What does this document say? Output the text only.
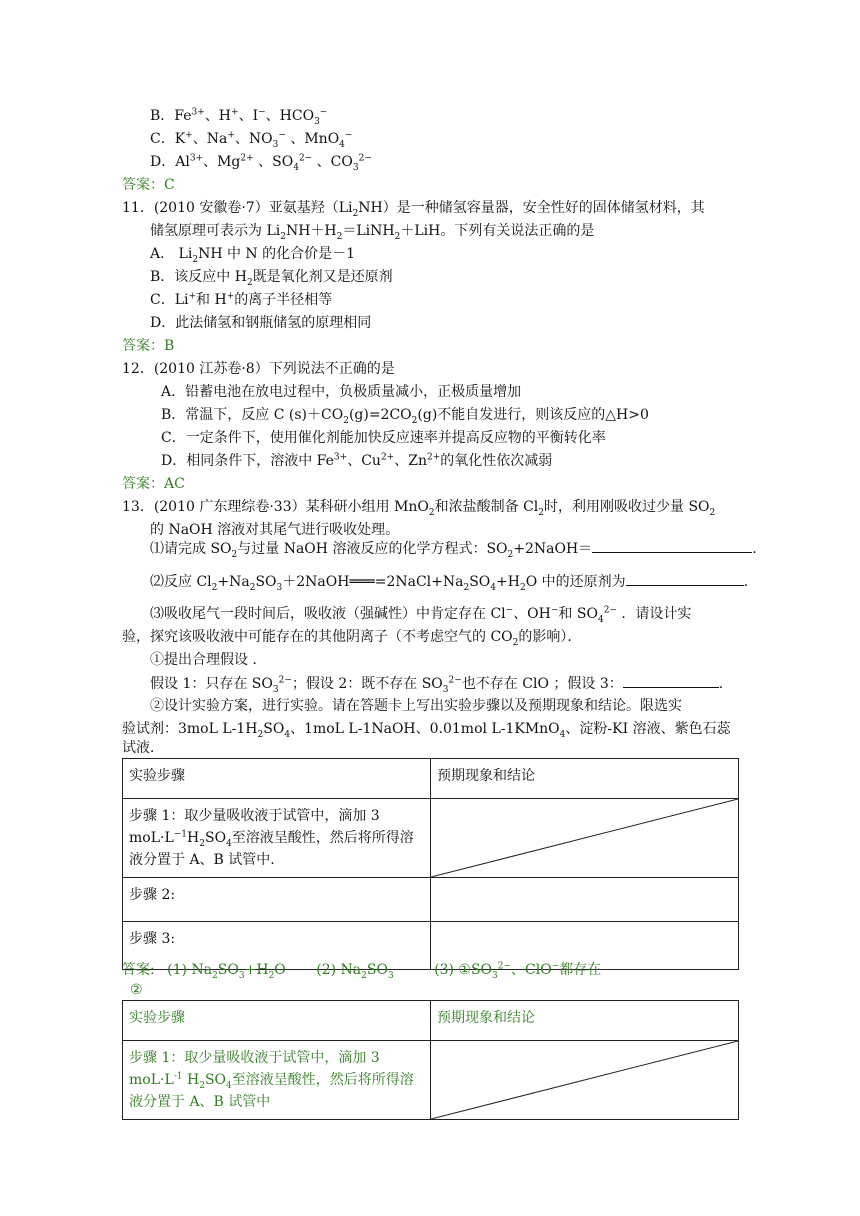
B．$Fe^{3+}$、H+、I−、$HCO_3^-$
C．K+、Na+、$NO_3^-$ 、MnO$_4$−
D．$Al^{3+}$、$Mg^{2+}$ 、$SO_4^{2-}$ 、$CO_3^{2-}$
答案：C
11．(2010 安徽卷·7）亚氨基羟$(Li_2NH)$是一种储氢容量器，安全性好的固体储氢材料，其
储氢原理可表示为 $Li_2NH+H_2=LiNH_2+LiH$。下列有关说法正确的是
A． $Li_2NH$ 中 N 的化合价是－1
B．该反应中 $H_2$既是氧化剂又是还原剂
C．Li+和 H+的离子半径相等
D．此法储氢和钢瓶储氢的原理相同
答案：B
12．(2010 江苏卷·8）下列说法不正确的是
A．铅蓄电池在放电过程中，负极质量减小，正极质量增加
B．常温下，反应 C $(s)+CO_2(g)=2CO_2(g)$不能自发进行，则该反应的△H>0
C．一定条件下，使用催化剂能加快反应速率并提高反应物的平衡转化率
D．相同条件下，溶液中 $Fe^{3+}$、$Cu^{2+}$、$Zn^{2+}$的氧化性依次减弱
答案：AC
13．(2010 广东理综卷·33）某科研小组用 MnO$_2$和浓盐酸制备 $Cl_2$时，利用刚吸收过少量 $SO_2$
的 NaOH 溶液对其尾气进行吸收处理。
⑴请完成 $SO_2$与过量 NaOH 溶液反应的化学方程式：$SO_2+2NaOH=$	.
⑵反应 $Cl_2+Na_2SO_3+2NaOH═══=2NaCl+Na_2SO_4+H_2O$ 中的还原剂为	.
⑶吸收尾气一段时间后，吸收液（强碱性）中肯定存在 Cl−、OH−和 $SO_4^{2-}$ ．请设计实
验，探究该吸收液中可能存在的其他阴离子（不考虑空气的 $CO_2$的影响）．
①提出合理假设 ．
假设 1：只存在 $SO_3^{2-}$；假设 2：既不存在 $SO_3^{2-}$也不存在 ClO ；假设 3：	.
②设计实验方案，进行实验。请在答题卡上写出实验步骤以及预期现象和结论。限选实
验试剂：3moL $L-1H_2SO_4$、1moL L-1NaOH、0.01mol L-1KMnO$_4$、淀粉-KI 溶液、紫色石蕊
试液．
实验步骤	预期现象和结论

步骤 1：取少量吸收液于试管中，滴加 3
$moL\cdot L^{-1}H_2SO_4$至溶液呈酸性，然后将所得溶
液分置于 A、B 试管中.

步骤 2:	
步骤 3:	
答案: (1) $Na_2SO_3+H_2O$ (2) $Na_2SO_3$	(3) $①SO_3^{2-}$、ClO−都存在
②
实验步骤	预期现象和结论

步骤 1：取少量吸收液于试管中，滴加 3
$moL\cdot L^{-1}$ $H_2SO_4$至溶液呈酸性，然后将所得溶
液分置于 A、B 试管中
